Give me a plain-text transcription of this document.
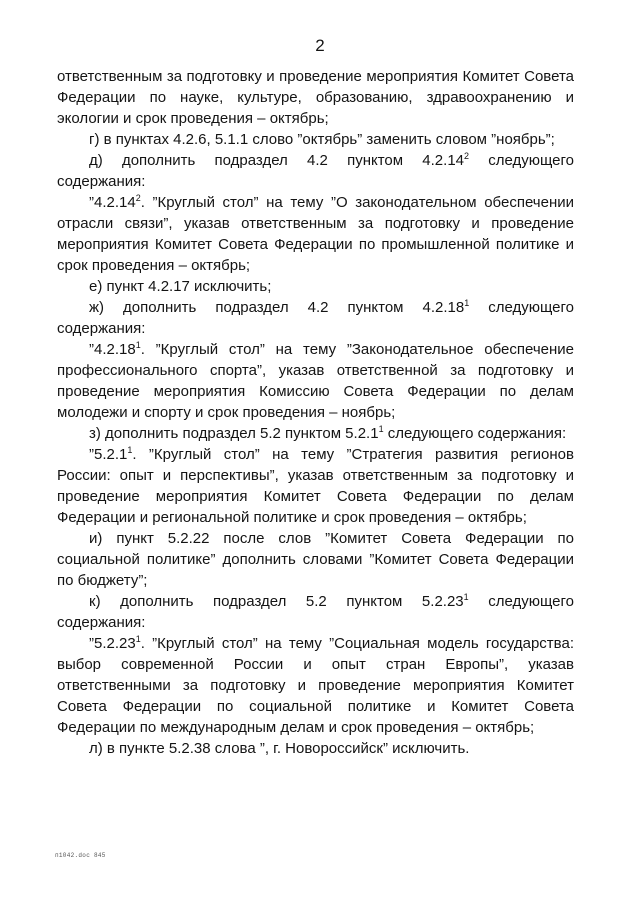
2

ответственным за подготовку и проведение мероприятия Комитет Совета Федерации по науке, культуре, образованию, здравоохранению и экологии и срок проведения – октябрь;

г) в пунктах 4.2.6, 5.1.1 слово ”октябрь” заменить словом ”ноябрь”;

д) дополнить подраздел 4.2 пунктом 4.2.14$^2$ следующего содержания:

”4.2.14$^2$. ”Круглый стол” на тему ”О законодательном обеспечении отрасли связи”, указав ответственным за подготовку и проведение мероприятия Комитет Совета Федерации по промышленной политике и срок проведения – октябрь;

е) пункт 4.2.17 исключить;

ж) дополнить подраздел 4.2 пунктом 4.2.18$^1$ следующего содержания:

”4.2.18$^1$. ”Круглый стол” на тему ”Законодательное обеспечение профессионального спорта”, указав ответственной за подготовку и проведение мероприятия Комиссию Совета Федерации по делам молодежи и спорту и срок проведения – ноябрь;

з) дополнить подраздел 5.2 пунктом 5.2.1$^1$ следующего содержания:

”5.2.1$^1$. ”Круглый стол” на тему ”Стратегия развития регионов России: опыт и перспективы”, указав ответственным за подготовку и проведение мероприятия Комитет Совета Федерации по делам Федерации и региональной политике и срок проведения – октябрь;

и) пункт 5.2.22 после слов ”Комитет Совета Федерации по социальной политике” дополнить словами ”Комитет Совета Федерации по бюджету”;

к) дополнить подраздел 5.2 пунктом 5.2.23$^1$ следующего содержания:

”5.2.23$^1$. ”Круглый стол” на тему ”Социальная модель государства: выбор современной России и опыт стран Европы”, указав ответственными за подготовку и проведение мероприятия Комитет Совета Федерации по социальной политике и Комитет Совета Федерации по международным делам и срок проведения – октябрь;

л) в пункте 5.2.38 слова ”, г. Новороссийск” исключить.

п1042.doc 845
